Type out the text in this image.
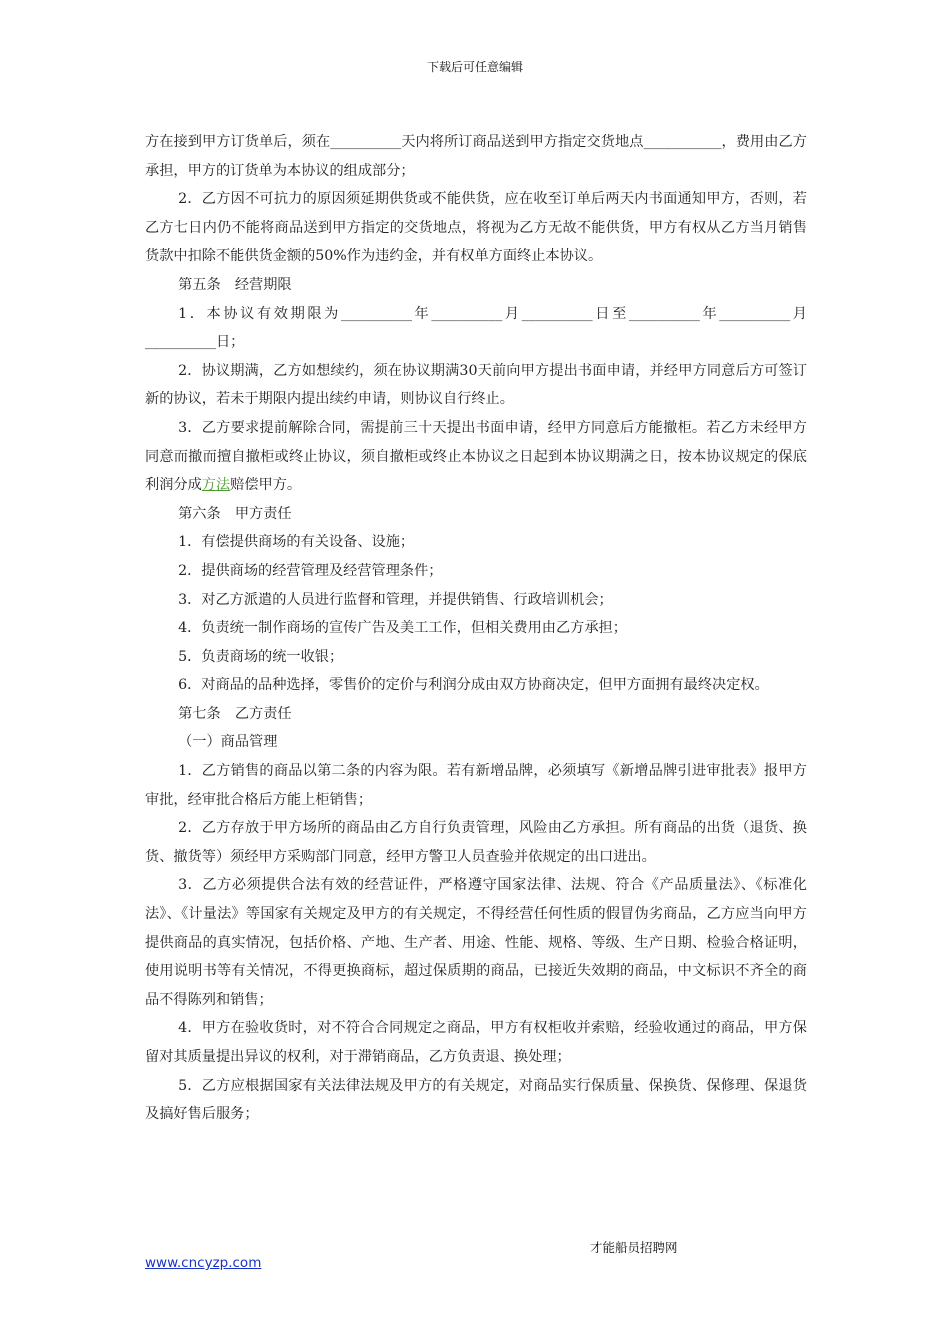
下载后可任意编辑

方在接到甲方订货单后，须在__________天内将所订商品送到甲方指定交货地点___________，费用由乙方承担，甲方的订货单为本协议的组成部分；

2．乙方因不可抗力的原因须延期供货或不能供货，应在收至订单后两天内书面通知甲方，否则，若乙方七日内仍不能将商品送到甲方指定的交货地点，将视为乙方无故不能供货，甲方有权从乙方当月销售货款中扣除不能供货金额的50%作为违约金，并有权单方面终止本协议。

第五条　经营期限

1．本协议有效期限为__________年__________月__________日至__________年__________月__________日；

2．协议期满，乙方如想续约，须在协议期满30天前向甲方提出书面申请，并经甲方同意后方可签订新的协议，若未于期限内提出续约申请，则协议自行终止。

3．乙方要求提前解除合同，需提前三十天提出书面申请，经甲方同意后方能撤柜。若乙方未经甲方同意而撤而擅自撤柜或终止协议，须自撤柜或终止本协议之日起到本协议期满之日，按本协议规定的保底利润分成方法赔偿甲方。

第六条　甲方责任

1．有偿提供商场的有关设备、设施；

2．提供商场的经营管理及经营管理条件；

3．对乙方派遣的人员进行监督和管理，并提供销售、行政培训机会；

4．负责统一制作商场的宣传广告及美工工作，但相关费用由乙方承担；

5．负责商场的统一收银；

6．对商品的品种选择，零售价的定价与利润分成由双方协商决定，但甲方面拥有最终决定权。

第七条　乙方责任

（一）商品管理

1．乙方销售的商品以第二条的内容为限。若有新增品牌，必须填写《新增品牌引进审批表》报甲方审批，经审批合格后方能上柜销售；

2．乙方存放于甲方场所的商品由乙方自行负责管理，风险由乙方承担。所有商品的出货（退货、换货、撤货等）须经甲方采购部门同意，经甲方警卫人员查验并依规定的出口进出。

3．乙方必须提供合法有效的经营证件，严格遵守国家法律、法规、符合《产品质量法》、《标准化法》、《计量法》等国家有关规定及甲方的有关规定，不得经营任何性质的假冒伪劣商品，乙方应当向甲方提供商品的真实情况，包括价格、产地、生产者、用途、性能、规格、等级、生产日期、检验合格证明，使用说明书等有关情况，不得更换商标，超过保质期的商品，已接近失效期的商品，中文标识不齐全的商品不得陈列和销售；

4．甲方在验收货时，对不符合合同规定之商品，甲方有权柜收并索赔，经验收通过的商品，甲方保留对其质量提出异议的权利，对于滞销商品，乙方负责退、换处理；

5．乙方应根据国家有关法律法规及甲方的有关规定，对商品实行保质量、保换货、保修理、保退货及搞好售后服务；

才能船员招聘网
www.cncyzp.com
